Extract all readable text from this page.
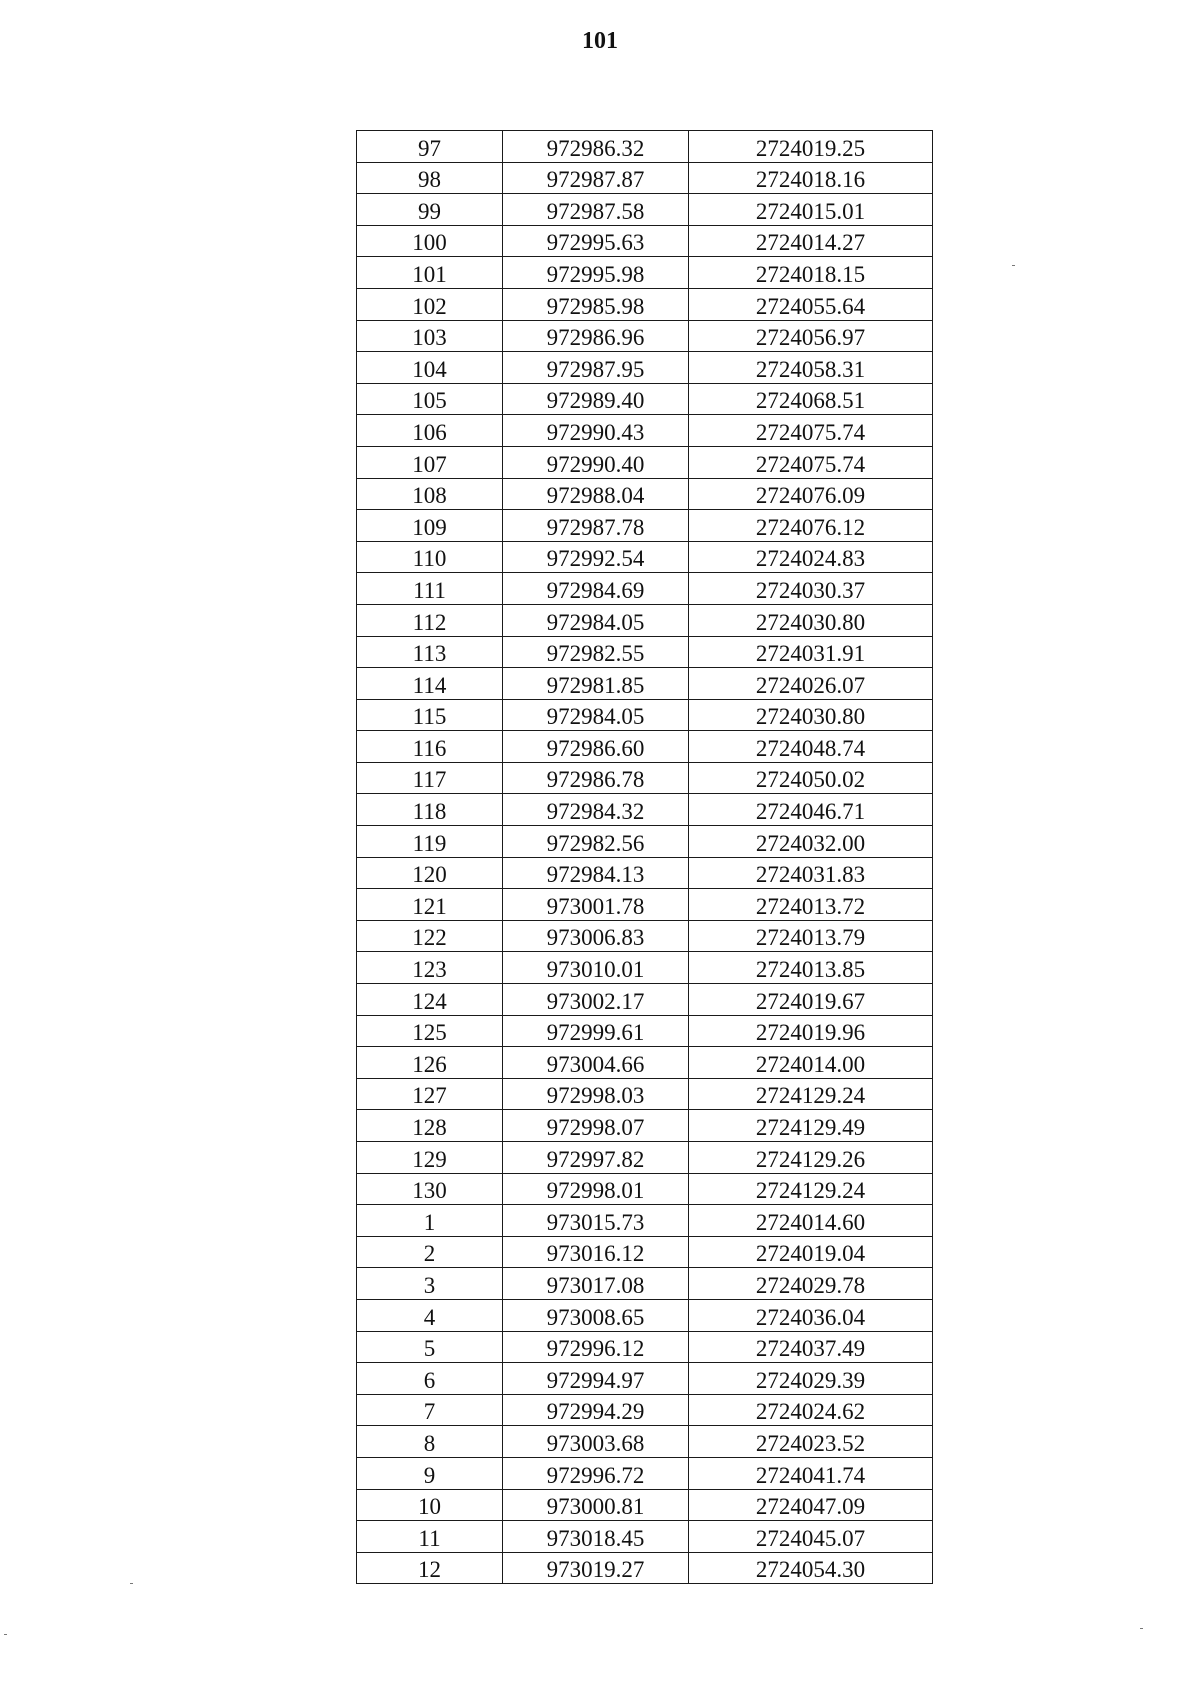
101
97	972986.32	2724019.25
98	972987.87	2724018.16
99	972987.58	2724015.01
100	972995.63	2724014.27
101	972995.98	2724018.15
102	972985.98	2724055.64
103	972986.96	2724056.97
104	972987.95	2724058.31
105	972989.40	2724068.51
106	972990.43	2724075.74
107	972990.40	2724075.74
108	972988.04	2724076.09
109	972987.78	2724076.12
110	972992.54	2724024.83
111	972984.69	2724030.37
112	972984.05	2724030.80
113	972982.55	2724031.91
114	972981.85	2724026.07
115	972984.05	2724030.80
116	972986.60	2724048.74
117	972986.78	2724050.02
118	972984.32	2724046.71
119	972982.56	2724032.00
120	972984.13	2724031.83
121	973001.78	2724013.72
122	973006.83	2724013.79
123	973010.01	2724013.85
124	973002.17	2724019.67
125	972999.61	2724019.96
126	973004.66	2724014.00
127	972998.03	2724129.24
128	972998.07	2724129.49
129	972997.82	2724129.26
130	972998.01	2724129.24
1	973015.73	2724014.60
2	973016.12	2724019.04
3	973017.08	2724029.78
4	973008.65	2724036.04
5	972996.12	2724037.49
6	972994.97	2724029.39
7	972994.29	2724024.62
8	973003.68	2724023.52
9	972996.72	2724041.74
10	973000.81	2724047.09
11	973018.45	2724045.07
12	973019.27	2724054.30
